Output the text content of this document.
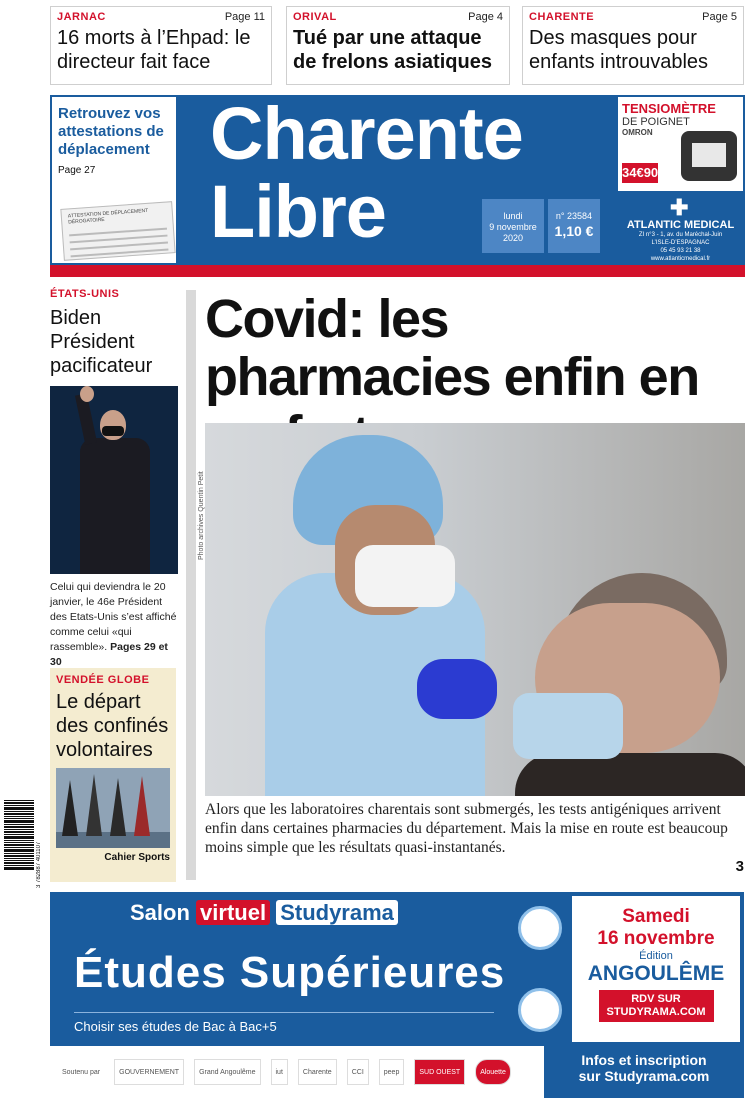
JARNAC	Page 11
16 morts à l’Ehpad: le directeur fait face
ORIVAL	Page 4
Tué par une attaque de frelons asiatiques
CHARENTE	Page 5
Des masques pour enfants introuvables
Retrouvez vos attestations de déplacement
Page 27
ATTESTATION DE DÉPLACEMENT DÉROGATOIRE
Charente
Libre	lundi
9 novembre
2020
n° 23584
1,10 €
TENSIOMÈTRE
DE POIGNET
OMRON
34€90
✚
ATLANTIC MEDICAL
ZI n°3 - 1, av. du Maréchal-Juin
L’ISLE-D’ESPAGNAC
05 45 93 21 38
www.atlanticmedical.fr
ÉTATS-UNIS
Biden Président pacificateur
Celui qui deviendra le 20 janvier, le 46e Président des Etats-Unis s’est affiché comme celui «qui rassemble». Pages 29 et 30
VENDÉE GLOBE
Le départ des confinés volontaires
Cahier Sports
3 782887 401107
Covid: les pharmacies enfin en
Photo archives Quentin Petit
Alors que les laboratoires charentais sont submergés, les tests antigéniques arrivent enfin dans certaines pharmacies du département. Mais la mise en route est beaucoup moins simple que les résultats quasi-instantanés.
3
Salon virtuel Studyrama
Études Supérieures
Choisir ses études de Bac à Bac+5
Samedi
16 novembre
Édition
ANGOULÊME
RDV SUR
STUDYRAMA.COM
Soutenu par	GOUVERNEMENT	Grand Angoulême	iut	Charente	CCI	peep	SUD OUEST	Alouette
Infos et inscription
sur Studyrama.com
